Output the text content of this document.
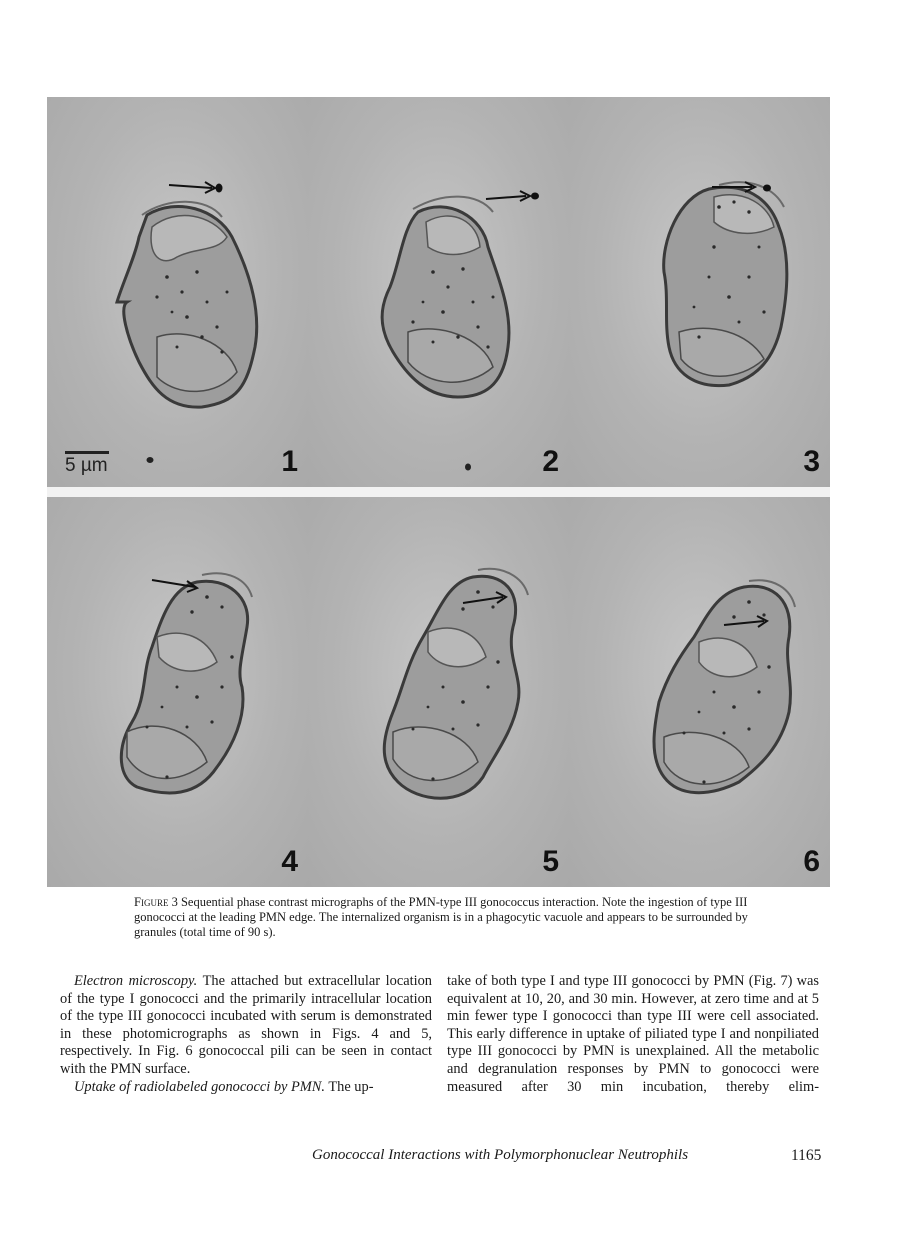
5 µm	1	2	3
4	5	6
Figure 3 Sequential phase contrast micrographs of the PMN-type III gonococcus interaction. Note the ingestion of type III gonococci at the leading PMN edge. The internalized organism is in a phagocytic vacuole and appears to be surrounded by granules (total time of 90 s).

Electron microscopy. The attached but extracellular location of the type I gonococci and the primarily intracellular location of the type III gonococci incubated with serum is demonstrated in these photomicrographs as shown in Figs. 4 and 5, respectively. In Fig. 6 gonococcal pili can be seen in contact with the PMN surface.

Uptake of radiolabeled gonococci by PMN. The up-

take of both type I and type III gonococci by PMN (Fig. 7) was equivalent at 10, 20, and 30 min. However, at zero time and at 5 min fewer type I gonococci than type III were cell associated. This early difference in uptake of piliated type I and nonpiliated type III gonococci by PMN is unexplained. All the metabolic and degranulation responses by PMN to gonococci were measured after 30 min incubation, thereby elim-

Gonococcal Interactions with Polymorphonuclear Neutrophils	1165
